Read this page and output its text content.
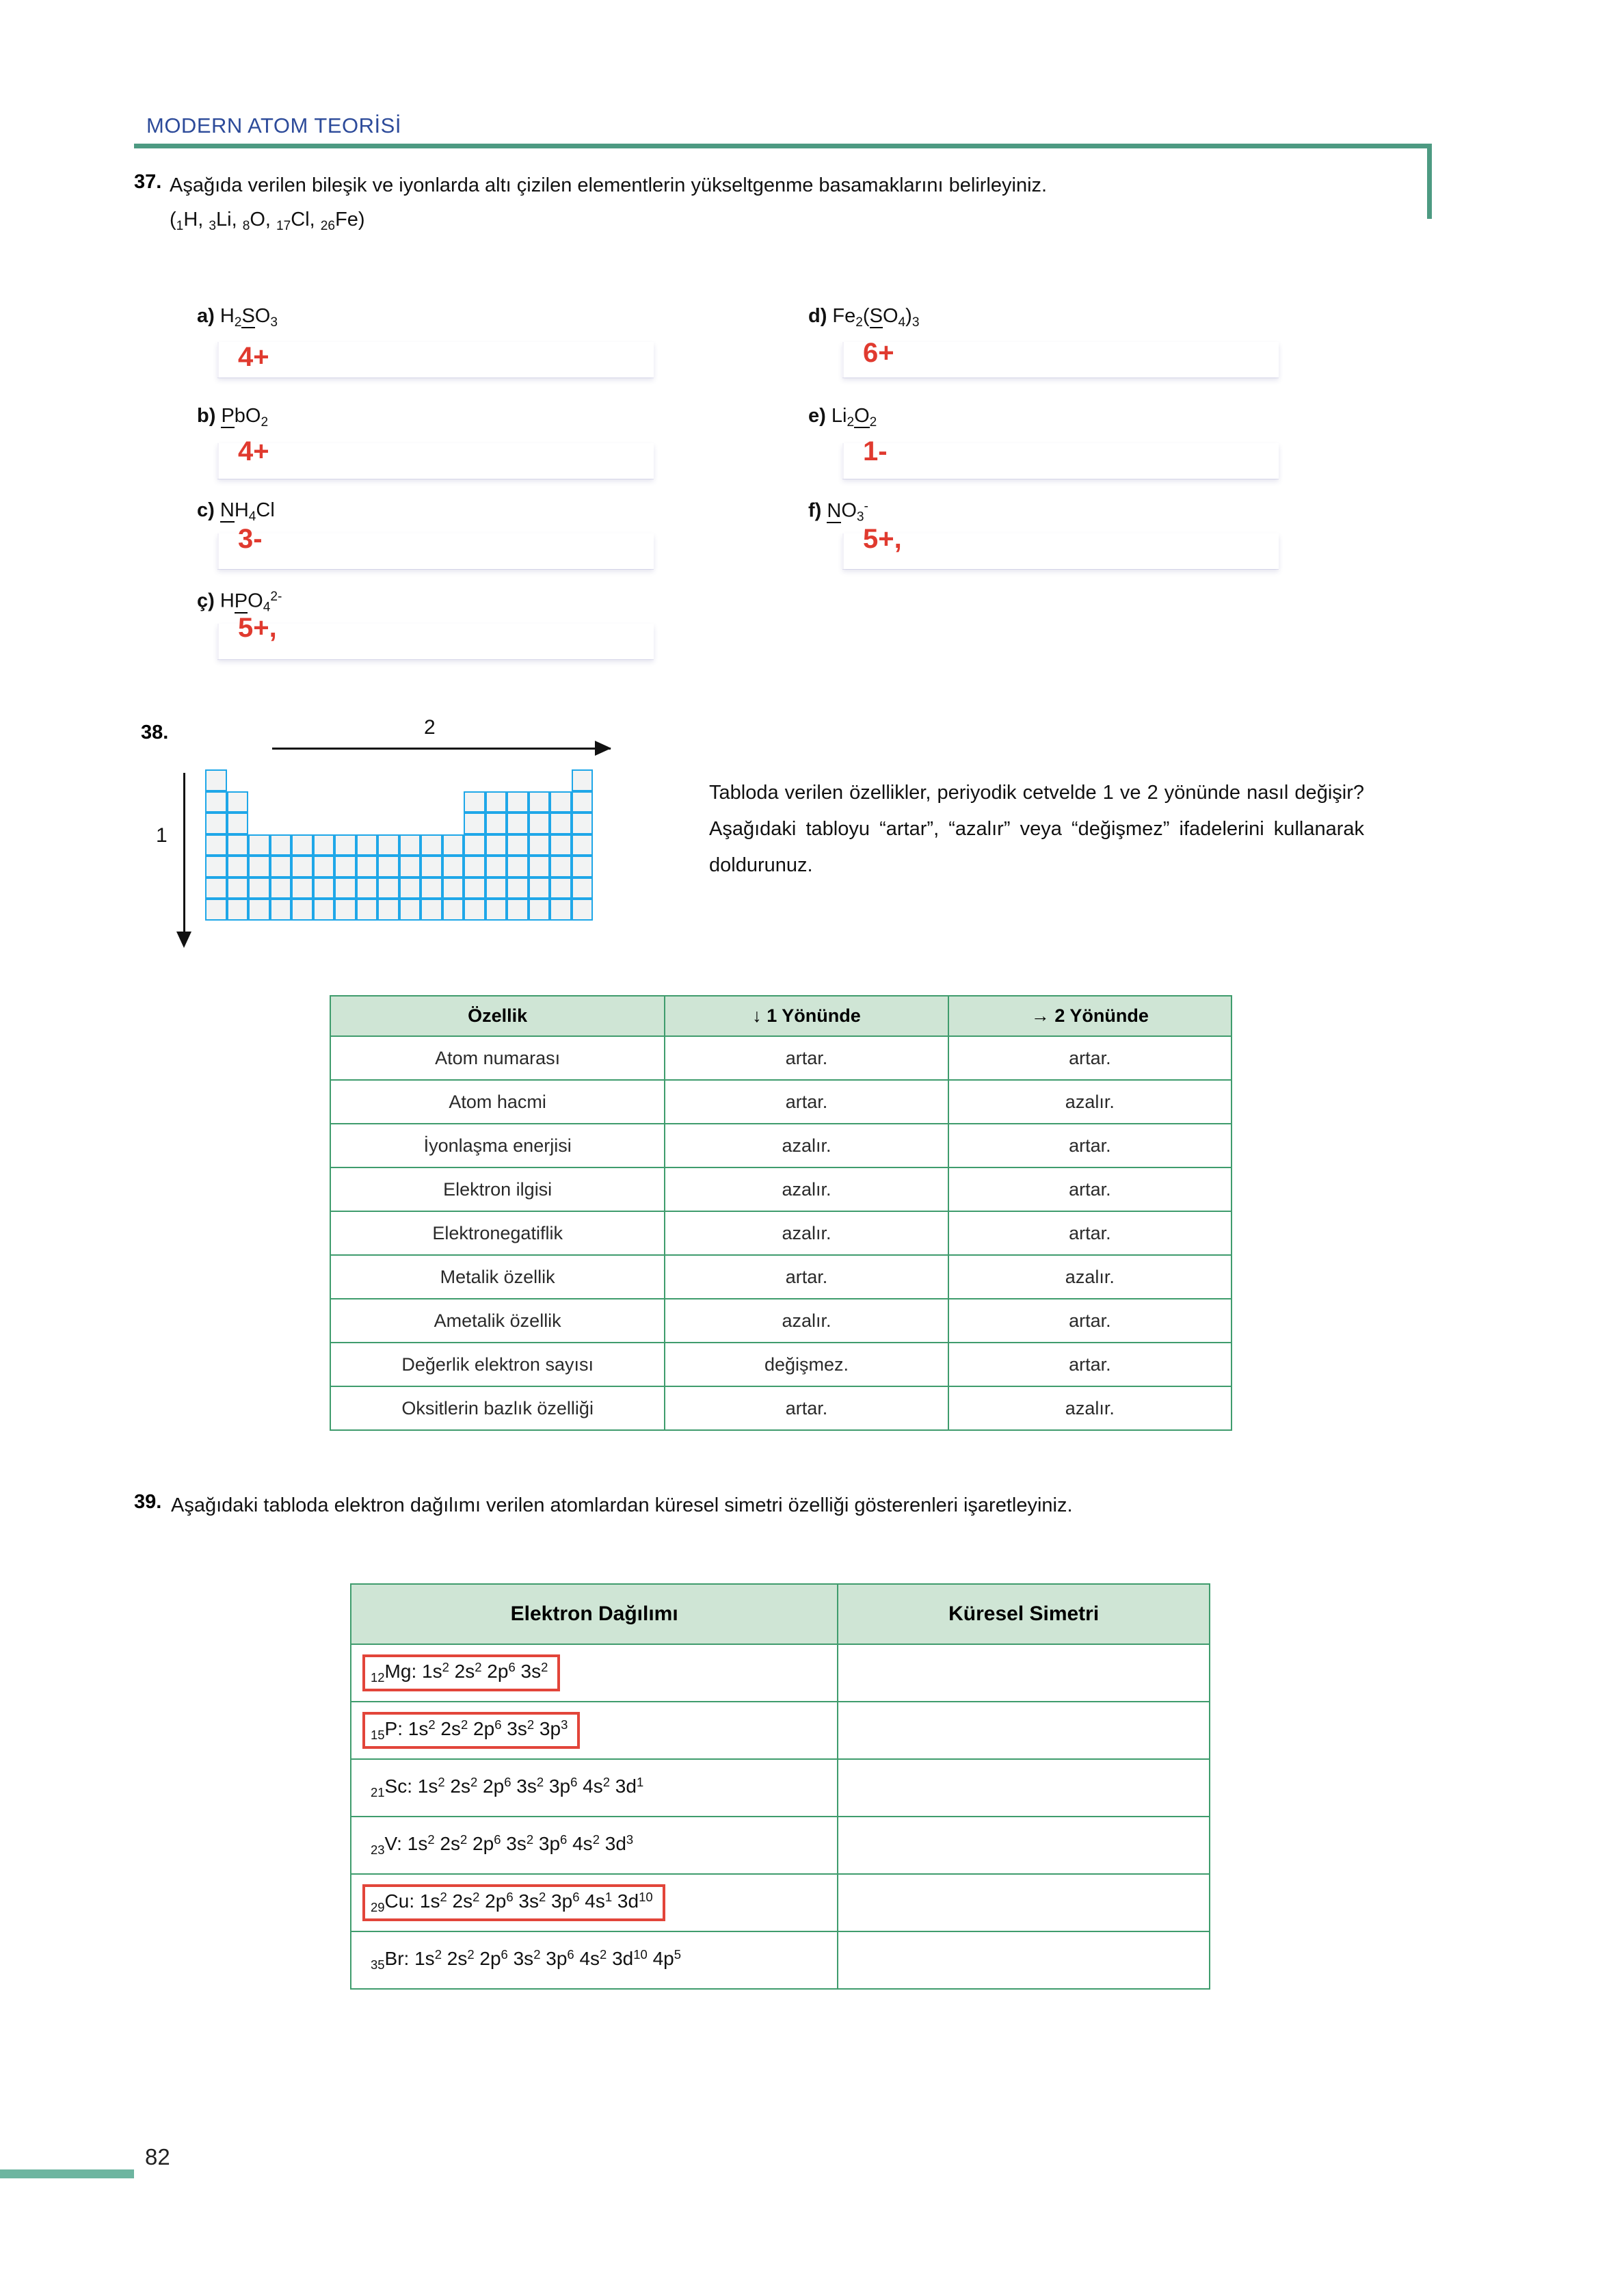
MODERN ATOM TEORİSİ
37. Aşağıda verilen bileşik ve iyonlarda altı çizilen elementlerin yükseltgenme basamaklarını belirleyiniz.
($_1H$, $_3$Li, $_8$O, $_{17}$Cl, $_{26}$Fe)
a) $H_2SO_3$
4+
b) PbO$_2$
4+
c) $NH_4Cl$
3-
ç) $HPO_4^{2-}$
5+,
d) $Fe_2(SO_4)_3$
6+
e) $Li_2O_2$
1-
f) $NO_3^-$
5+,
38.	2
1
Tabloda verilen özellikler, periyodik cetvelde 1 ve 2 yönünde nasıl değişir? Aşağıdaki tabloyu “artar”, “azalır” veya “değişmez” ifadelerini kullanarak doldurunuz.
Özellik	↓ 1 Yönünde	→ 2 Yönünde
Atom numarası	artar.	artar.
Atom hacmi	artar.	azalır.
İyonlaşma enerjisi	azalır.	artar.
Elektron ilgisi	azalır.	artar.
Elektronegatiflik	azalır.	artar.
Metalik özellik	artar.	azalır.
Ametalik özellik	azalır.	artar.
Değerlik elektron sayısı	değişmez.	artar.
Oksitlerin bazlık özelliği	artar.	azalır.
39. Aşağıdaki tabloda elektron dağılımı verilen atomlardan küresel simetri özelliği gösterenleri işaretleyiniz.
Elektron Dağılımı	Küresel Simetri
$_{12}$Mg: $1s^2$ $2s^2$ $2p^6$ $3s^2$	
$_{15}$P: $1s^2$ $2s^2$ $2p^6$ $3s^2$ $3p^3$	
$_{21}$Sc: $1s^2$ $2s^2$ $2p^6$ $3s^2$ $3p^6$ $4s^2$ $3d^1$	
$_{23}$V: $1s^2$ $2s^2$ $2p^6$ $3s^2$ $3p^6$ $4s^2$ $3d^3$	
$_{29}$Cu: $1s^2$ $2s^2$ $2p^6$ $3s^2$ $3p^6$ $4s^1$ $3d^{10}$	
$_{35}$Br: $1s^2$ $2s^2$ $2p^6$ $3s^2$ $3p^6$ $4s^2$ $3d^{10}$ $4p^5$	
82
